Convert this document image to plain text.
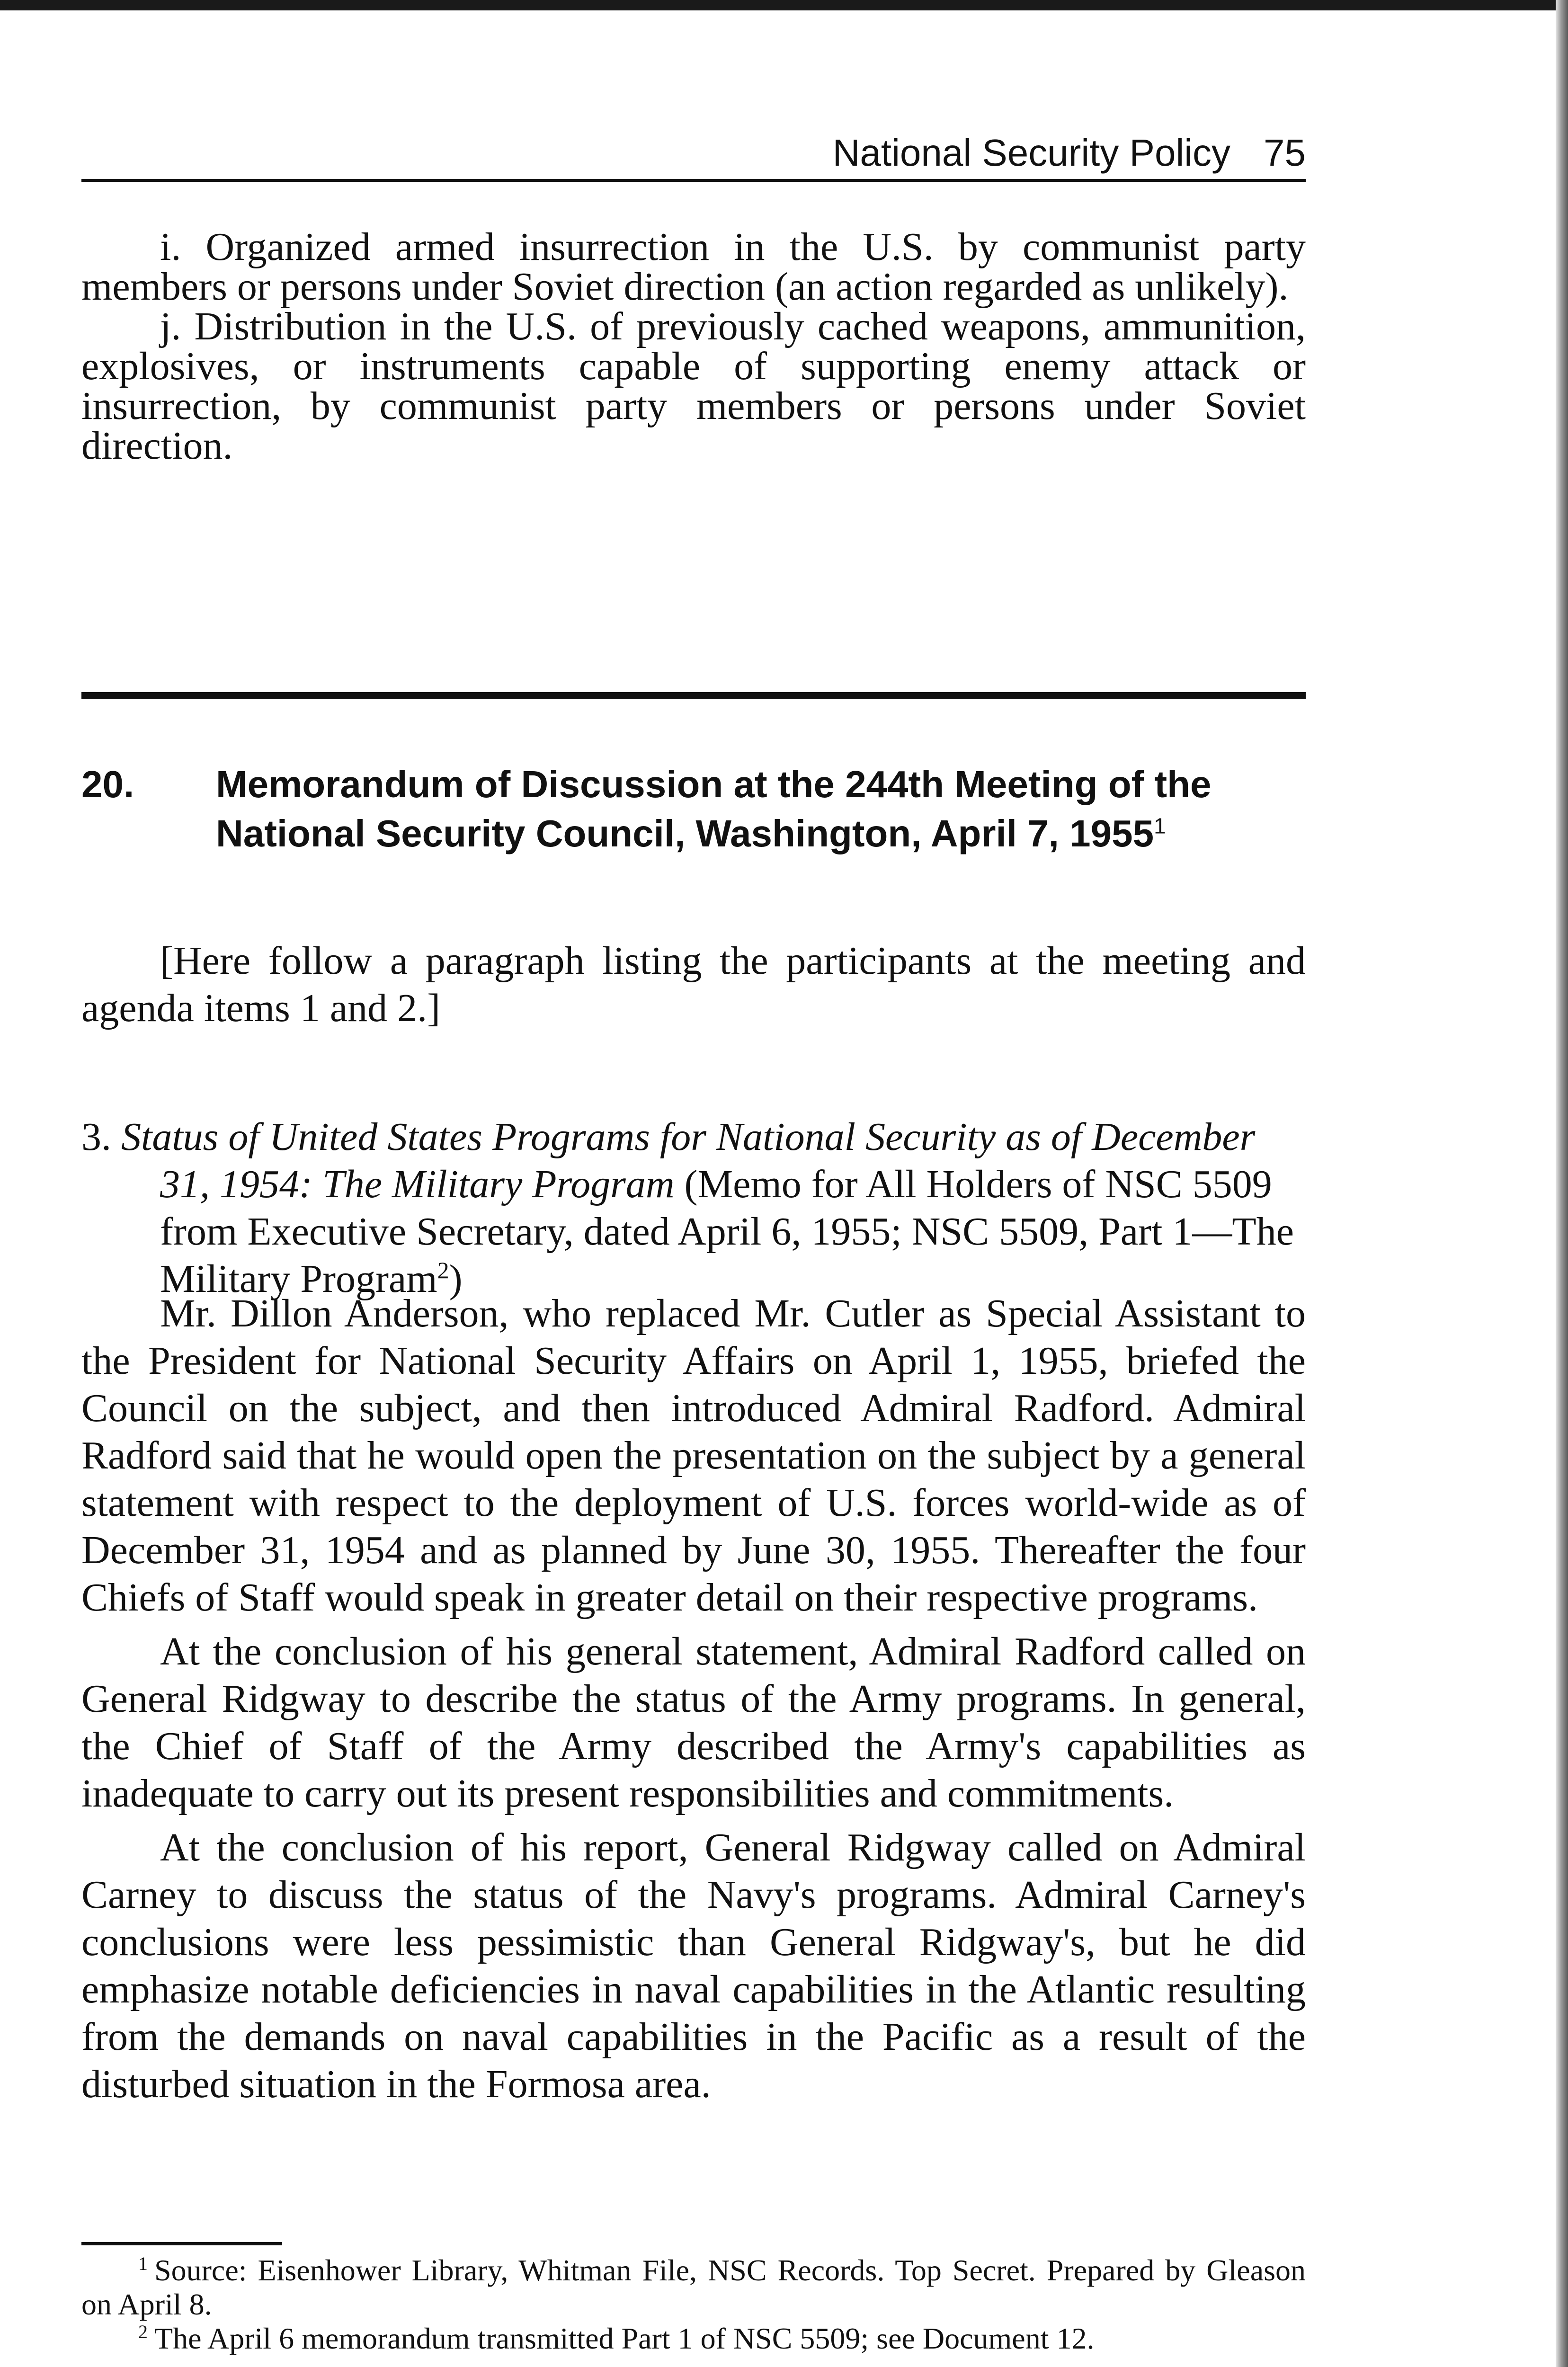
National Security Policy 75

i. Organized armed insurrection in the U.S. by communist party members or persons under Soviet direction (an action regarded as unlikely).

j. Distribution in the U.S. of previously cached weapons, ammunition, explosives, or instruments capable of supporting enemy attack or insurrection, by communist party members or persons under Soviet direction.

20. Memorandum of Discussion at the 244th Meeting of the National Security Council, Washington, April 7, 1955$^1$

[Here follow a paragraph listing the participants at the meeting and agenda items 1 and 2.]

3. Status of United States Programs for National Security as of December 31, 1954: The Military Program (Memo for All Holders of NSC 5509 from Executive Secretary, dated April 6, 1955; NSC 5509, Part 1—The Military Program$^2$)

Mr. Dillon Anderson, who replaced Mr. Cutler as Special Assistant to the President for National Security Affairs on April 1, 1955, briefed the Council on the subject, and then introduced Admiral Radford. Admiral Radford said that he would open the presentation on the subject by a general statement with respect to the deployment of U.S. forces world-wide as of December 31, 1954 and as planned by June 30, 1955. Thereafter the four Chiefs of Staff would speak in greater detail on their respective programs.

At the conclusion of his general statement, Admiral Radford called on General Ridgway to describe the status of the Army programs. In general, the Chief of Staff of the Army described the Army's capabilities as inadequate to carry out its present responsibilities and commitments.

At the conclusion of his report, General Ridgway called on Admiral Carney to discuss the status of the Navy's programs. Admiral Carney's conclusions were less pessimistic than General Ridgway's, but he did emphasize notable deficiencies in naval capabilities in the Atlantic resulting from the demands on naval capabilities in the Pacific as a result of the disturbed situation in the Formosa area.

$^1$ Source: Eisenhower Library, Whitman File, NSC Records. Top Secret. Prepared by Gleason on April 8.

$^2$ The April 6 memorandum transmitted Part 1 of NSC 5509; see Document 12.
